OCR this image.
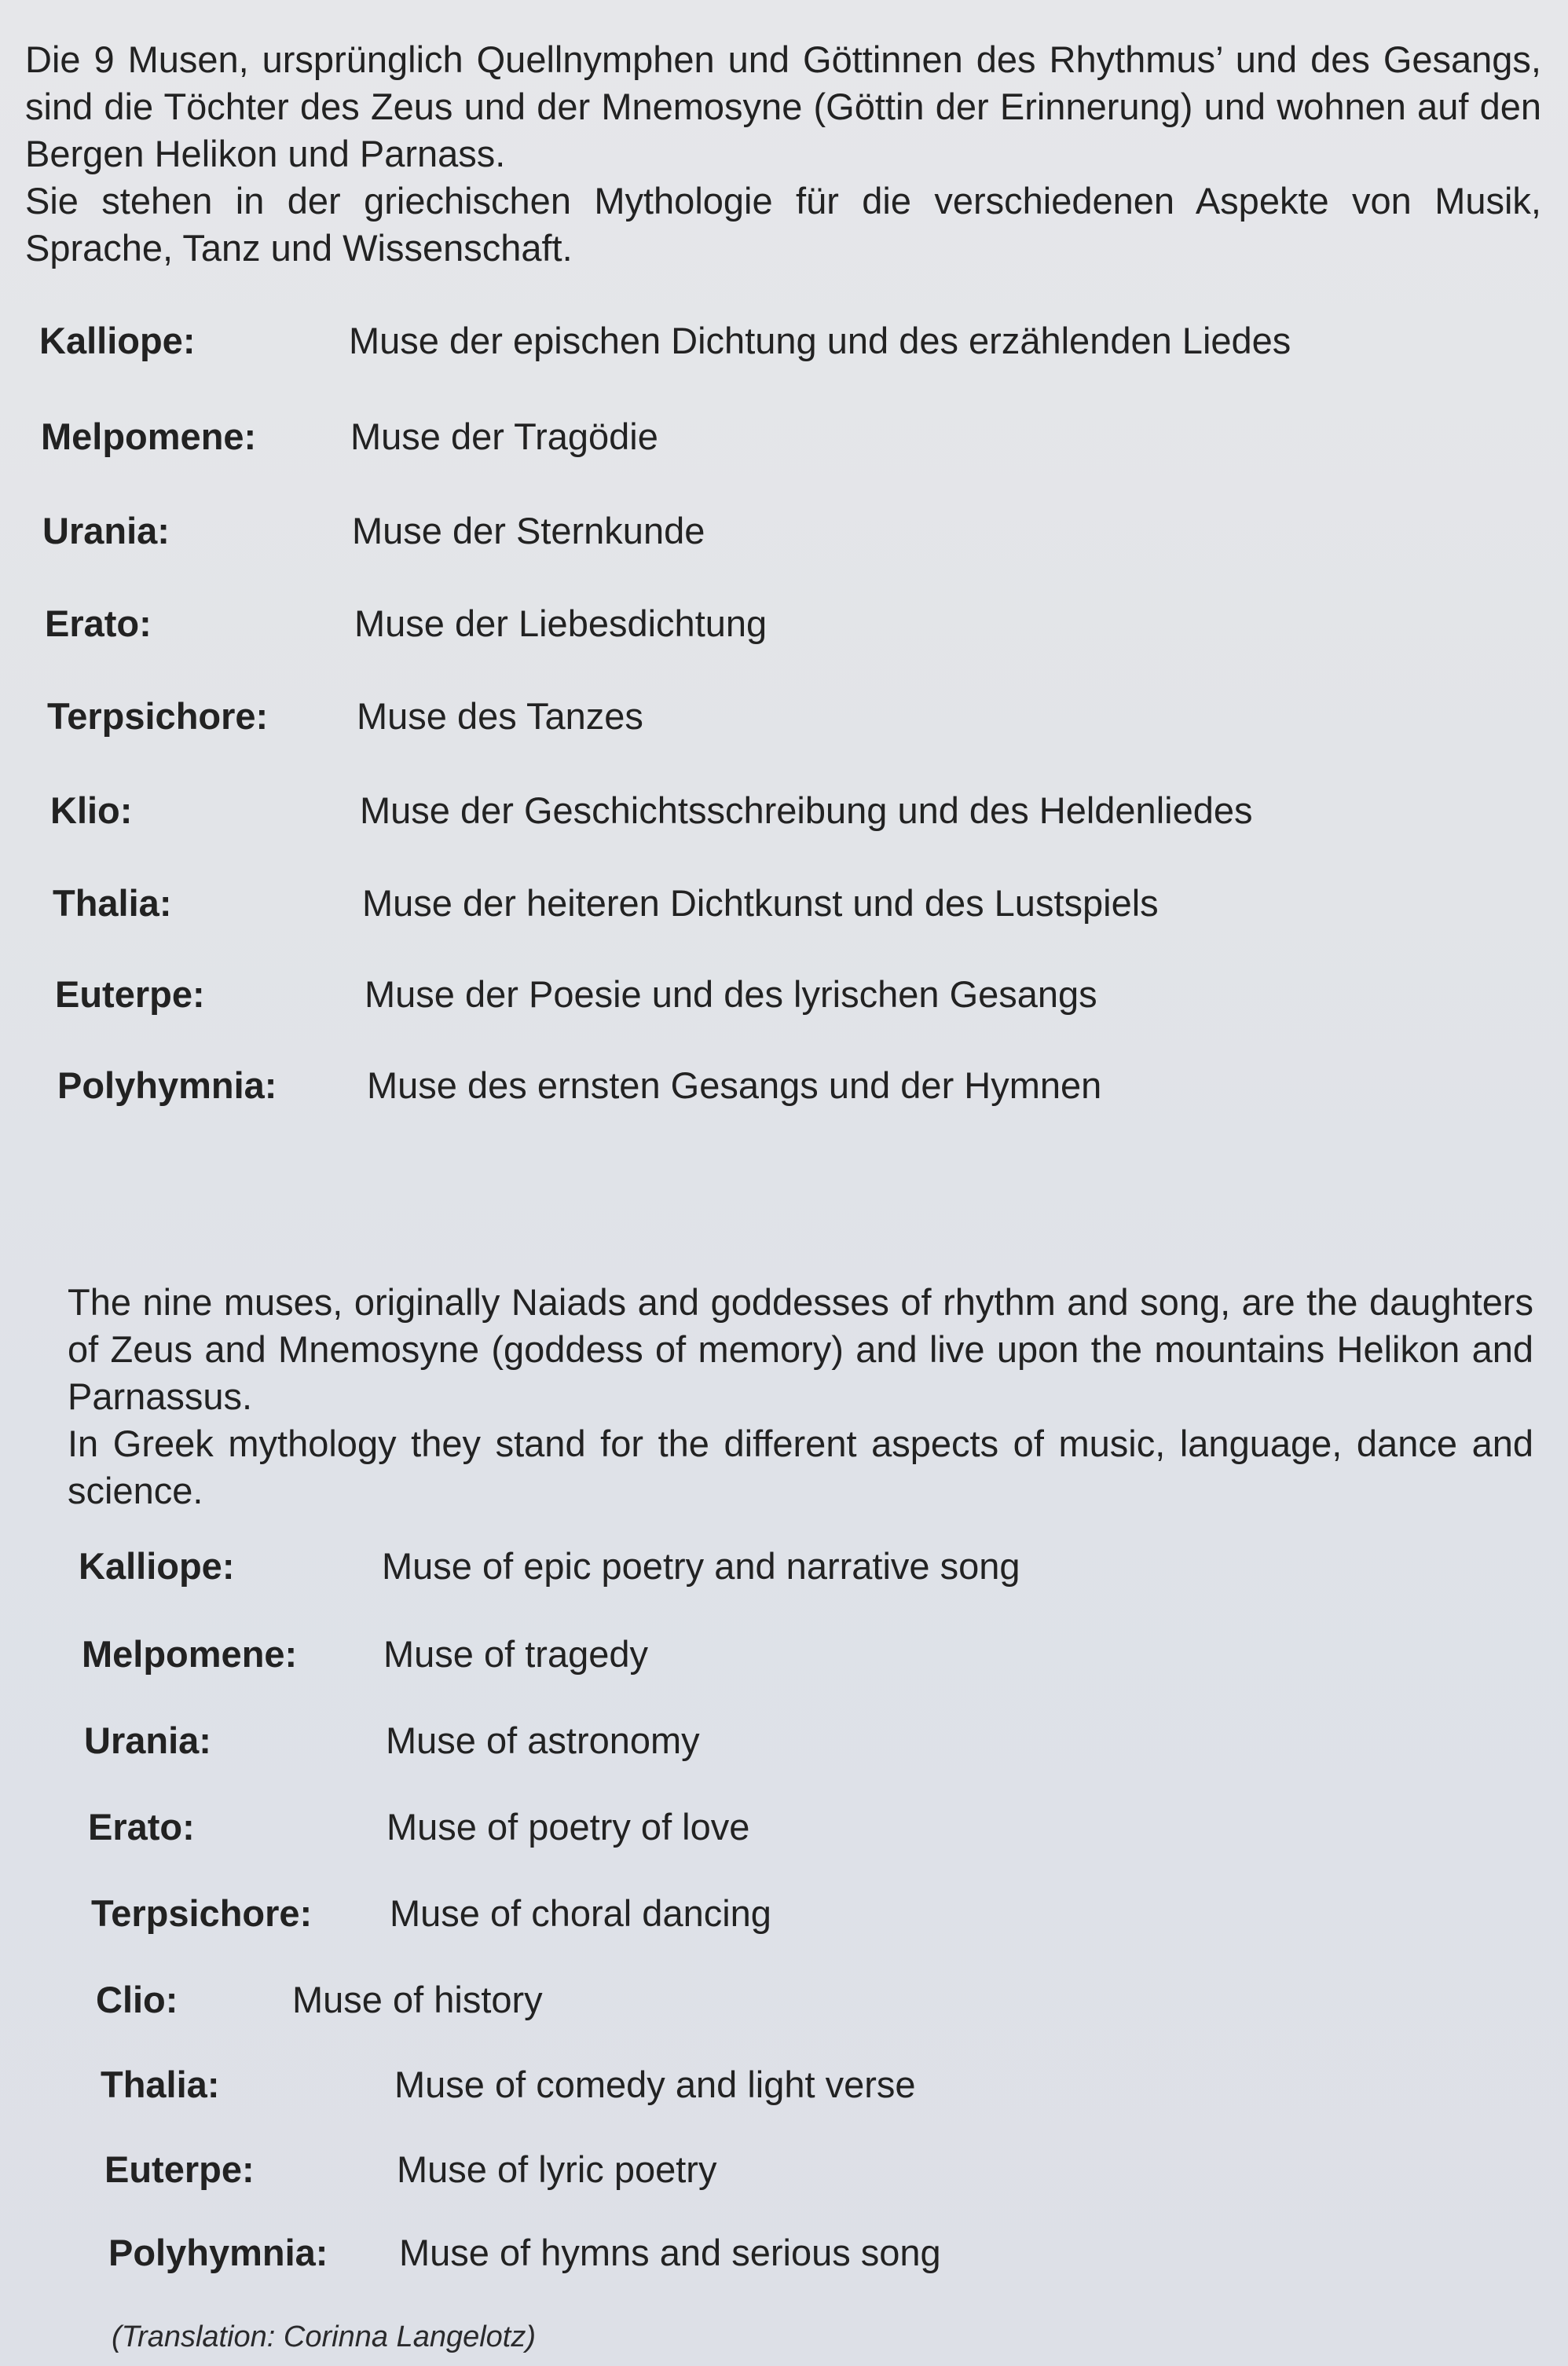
Die 9 Musen, ursprünglich Quellnymphen und Göttinnen des Rhythmus’ und des Gesangs, sind die Töchter des Zeus und der Mnemosyne (Göttin der Erinnerung) und wohnen auf den Bergen Helikon und Parnass.

Sie stehen in der griechischen Mythologie für die verschiedenen Aspekte von Musik, Sprache, Tanz und Wissenschaft.

Kalliope:	Muse der epischen Dichtung und des erzählenden Liedes
Melpomene:	Muse der Tragödie
Urania:	Muse der Sternkunde
Erato:	Muse der Liebesdichtung
Terpsichore: Muse des Tanzes
Klio:	Muse der Geschichtsschreibung und des Heldenliedes
Thalia:	Muse der heiteren Dichtkunst und des Lustspiels
Euterpe:	Muse der Poesie und des lyrischen Gesangs
Polyhymnia: Muse des ernsten Gesangs und der Hymnen

The nine muses, originally Naiads and goddesses of rhythm and song, are the daughters of Zeus and Mnemosyne (goddess of memory) and live upon the mountains Helikon and Parnassus.

In Greek mythology they stand for the different aspects of music, language, dance and science.

Kalliope:	Muse of epic poetry and narrative song
Melpomene: Muse of tragedy
Urania:	Muse of astronomy
Erato:	Muse of poetry of love
Terpsichore: Muse of choral dancing
Clio:	Muse of history
Thalia:	Muse of comedy and light verse
Euterpe:	Muse of lyric poetry
Polyhymnia: Muse of hymns and serious song
(Translation: Corinna Langelotz)
